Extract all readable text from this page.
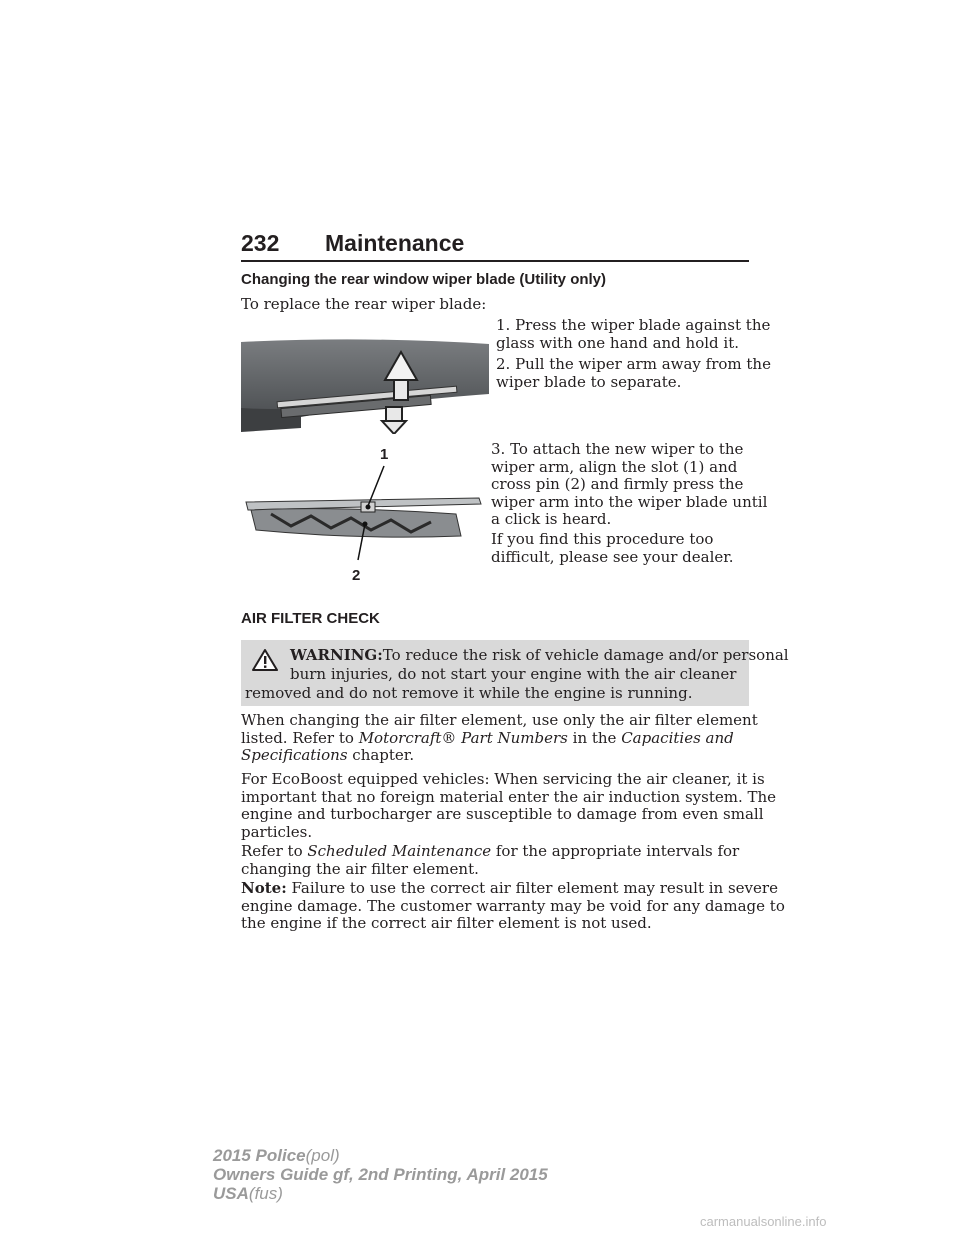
232 Maintenance
Changing the rear window wiper blade (Utility only)
To replace the rear wiper blade:
1. Press the wiper blade against the
glass with one hand and hold it.
2. Pull the wiper arm away from the
wiper blade to separate.
1
2
3. To attach the new wiper to the
wiper arm, align the slot (1) and
cross pin (2) and firmly press the
wiper arm into the wiper blade until
a click is heard.
If you find this procedure too
difficult, please see your dealer.
AIR FILTER CHECK
WARNING:To reduce the risk of vehicle damage and/or personal
burn injuries, do not start your engine with the air cleaner
removed and do not remove it while the engine is running.
When changing the air filter element, use only the air filter element
listed. Refer to Motorcraft® Part Numbers in the Capacities and
Specifications chapter.
For EcoBoost equipped vehicles: When servicing the air cleaner, it is
important that no foreign material enter the air induction system. The
engine and turbocharger are susceptible to damage from even small
particles.
Refer to Scheduled Maintenance for the appropriate intervals for
changing the air filter element.
Note: Failure to use the correct air filter element may result in severe
engine damage. The customer warranty may be void for any damage to
the engine if the correct air filter element is not used.
2015 Police(pol)
Owners Guide gf, 2nd Printing, April 2015
USA(fus)
carmanualsonline.info
